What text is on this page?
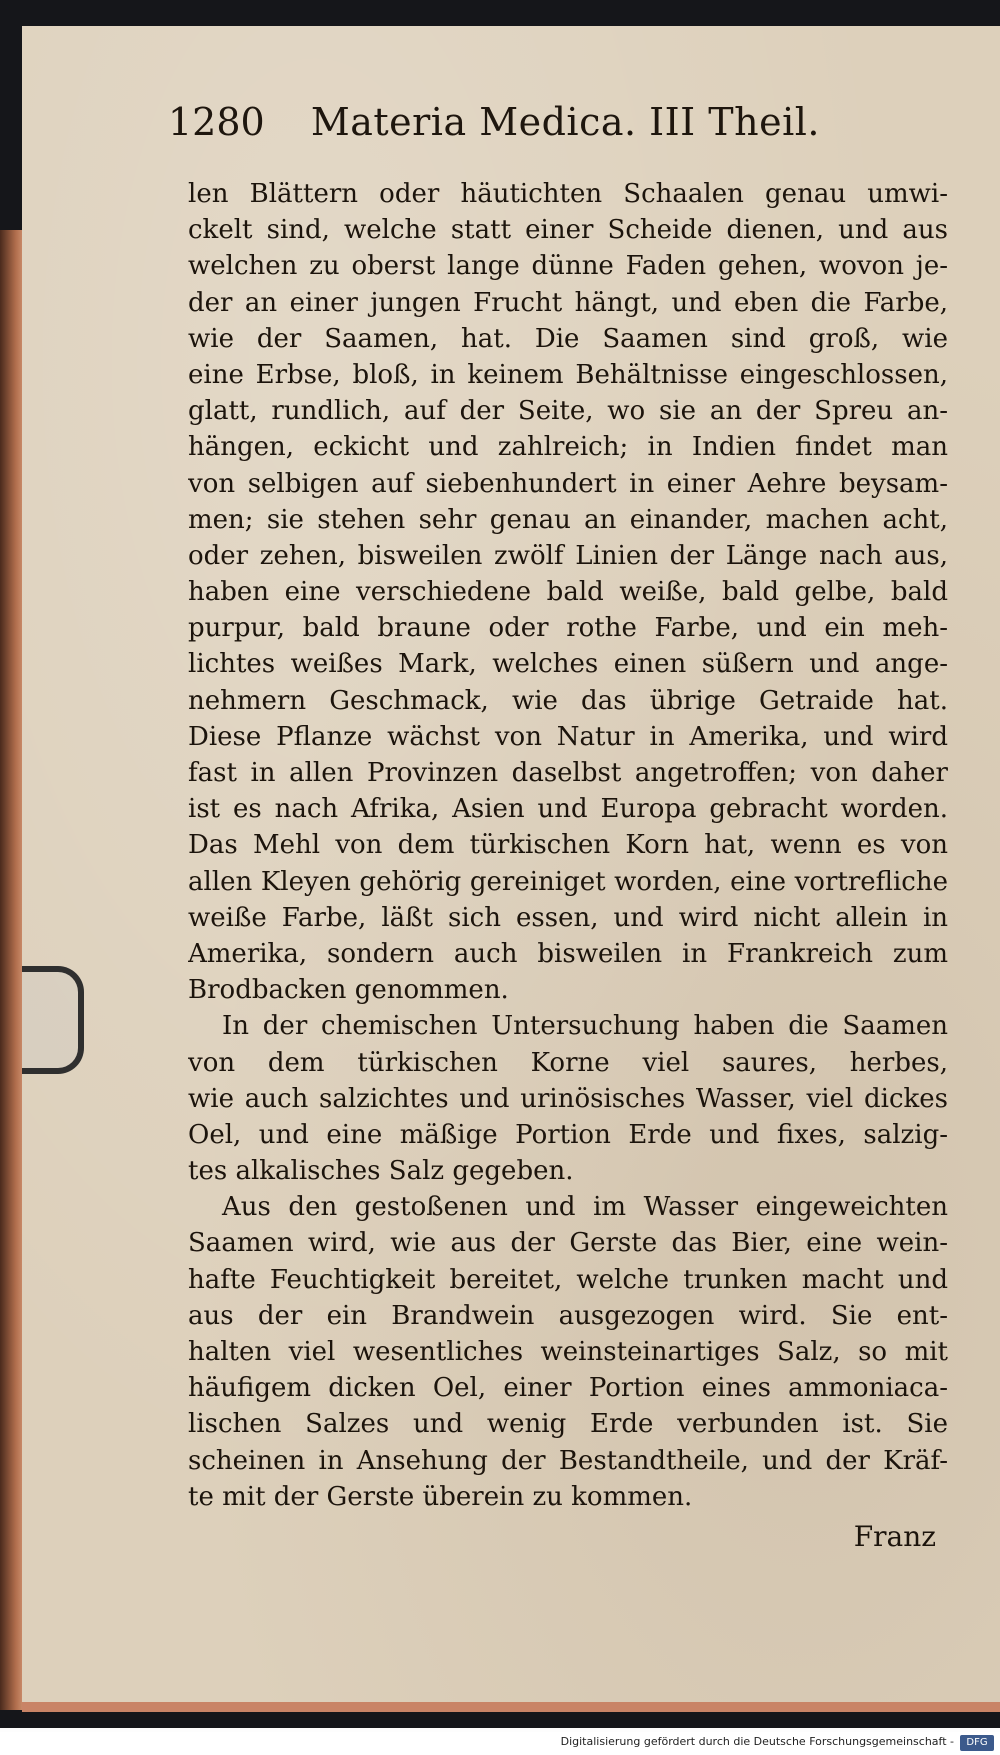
1280 Materia Medica. III Theil.
len Blättern oder häutichten Schaalen genau umwi-
ckelt sind, welche statt einer Scheide dienen, und aus
welchen zu oberst lange dünne Faden gehen, wovon je-
der an einer jungen Frucht hängt, und eben die Farbe,
wie der Saamen, hat. Die Saamen sind groß, wie
eine Erbse, bloß, in keinem Behältnisse eingeschlossen,
glatt, rundlich, auf der Seite, wo sie an der Spreu an-
hängen, eckicht und zahlreich; in Indien findet man
von selbigen auf siebenhundert in einer Aehre beysam-
men; sie stehen sehr genau an einander, machen acht,
oder zehen, bisweilen zwölf Linien der Länge nach aus,
haben eine verschiedene bald weiße, bald gelbe, bald
purpur, bald braune oder rothe Farbe, und ein meh-
lichtes weißes Mark, welches einen süßern und ange-
nehmern Geschmack, wie das übrige Getraide hat.
Diese Pflanze wächst von Natur in Amerika, und wird
fast in allen Provinzen daselbst angetroffen; von daher
ist es nach Afrika, Asien und Europa gebracht worden.
Das Mehl von dem türkischen Korn hat, wenn es von
allen Kleyen gehörig gereiniget worden, eine vortrefliche
weiße Farbe, läßt sich essen, und wird nicht allein in
Amerika, sondern auch bisweilen in Frankreich zum
Brodbacken genommen.
In der chemischen Untersuchung haben die Saamen
von dem türkischen Korne viel saures, herbes,
wie auch salzichtes und urinösisches Wasser, viel dickes
Oel, und eine mäßige Portion Erde und fixes, salzig-
tes alkalisches Salz gegeben.
Aus den gestoßenen und im Wasser eingeweichten
Saamen wird, wie aus der Gerste das Bier, eine wein-
hafte Feuchtigkeit bereitet, welche trunken macht und
aus der ein Brandwein ausgezogen wird. Sie ent-
halten viel wesentliches weinsteinartiges Salz, so mit
häufigem dicken Oel, einer Portion eines ammoniaca-
lischen Salzes und wenig Erde verbunden ist. Sie
scheinen in Ansehung der Bestandtheile, und der Kräf-
te mit der Gerste überein zu kommen.
Franz
Digitalisierung gefördert durch die Deutsche Forschungsgemeinschaft -	DFG
